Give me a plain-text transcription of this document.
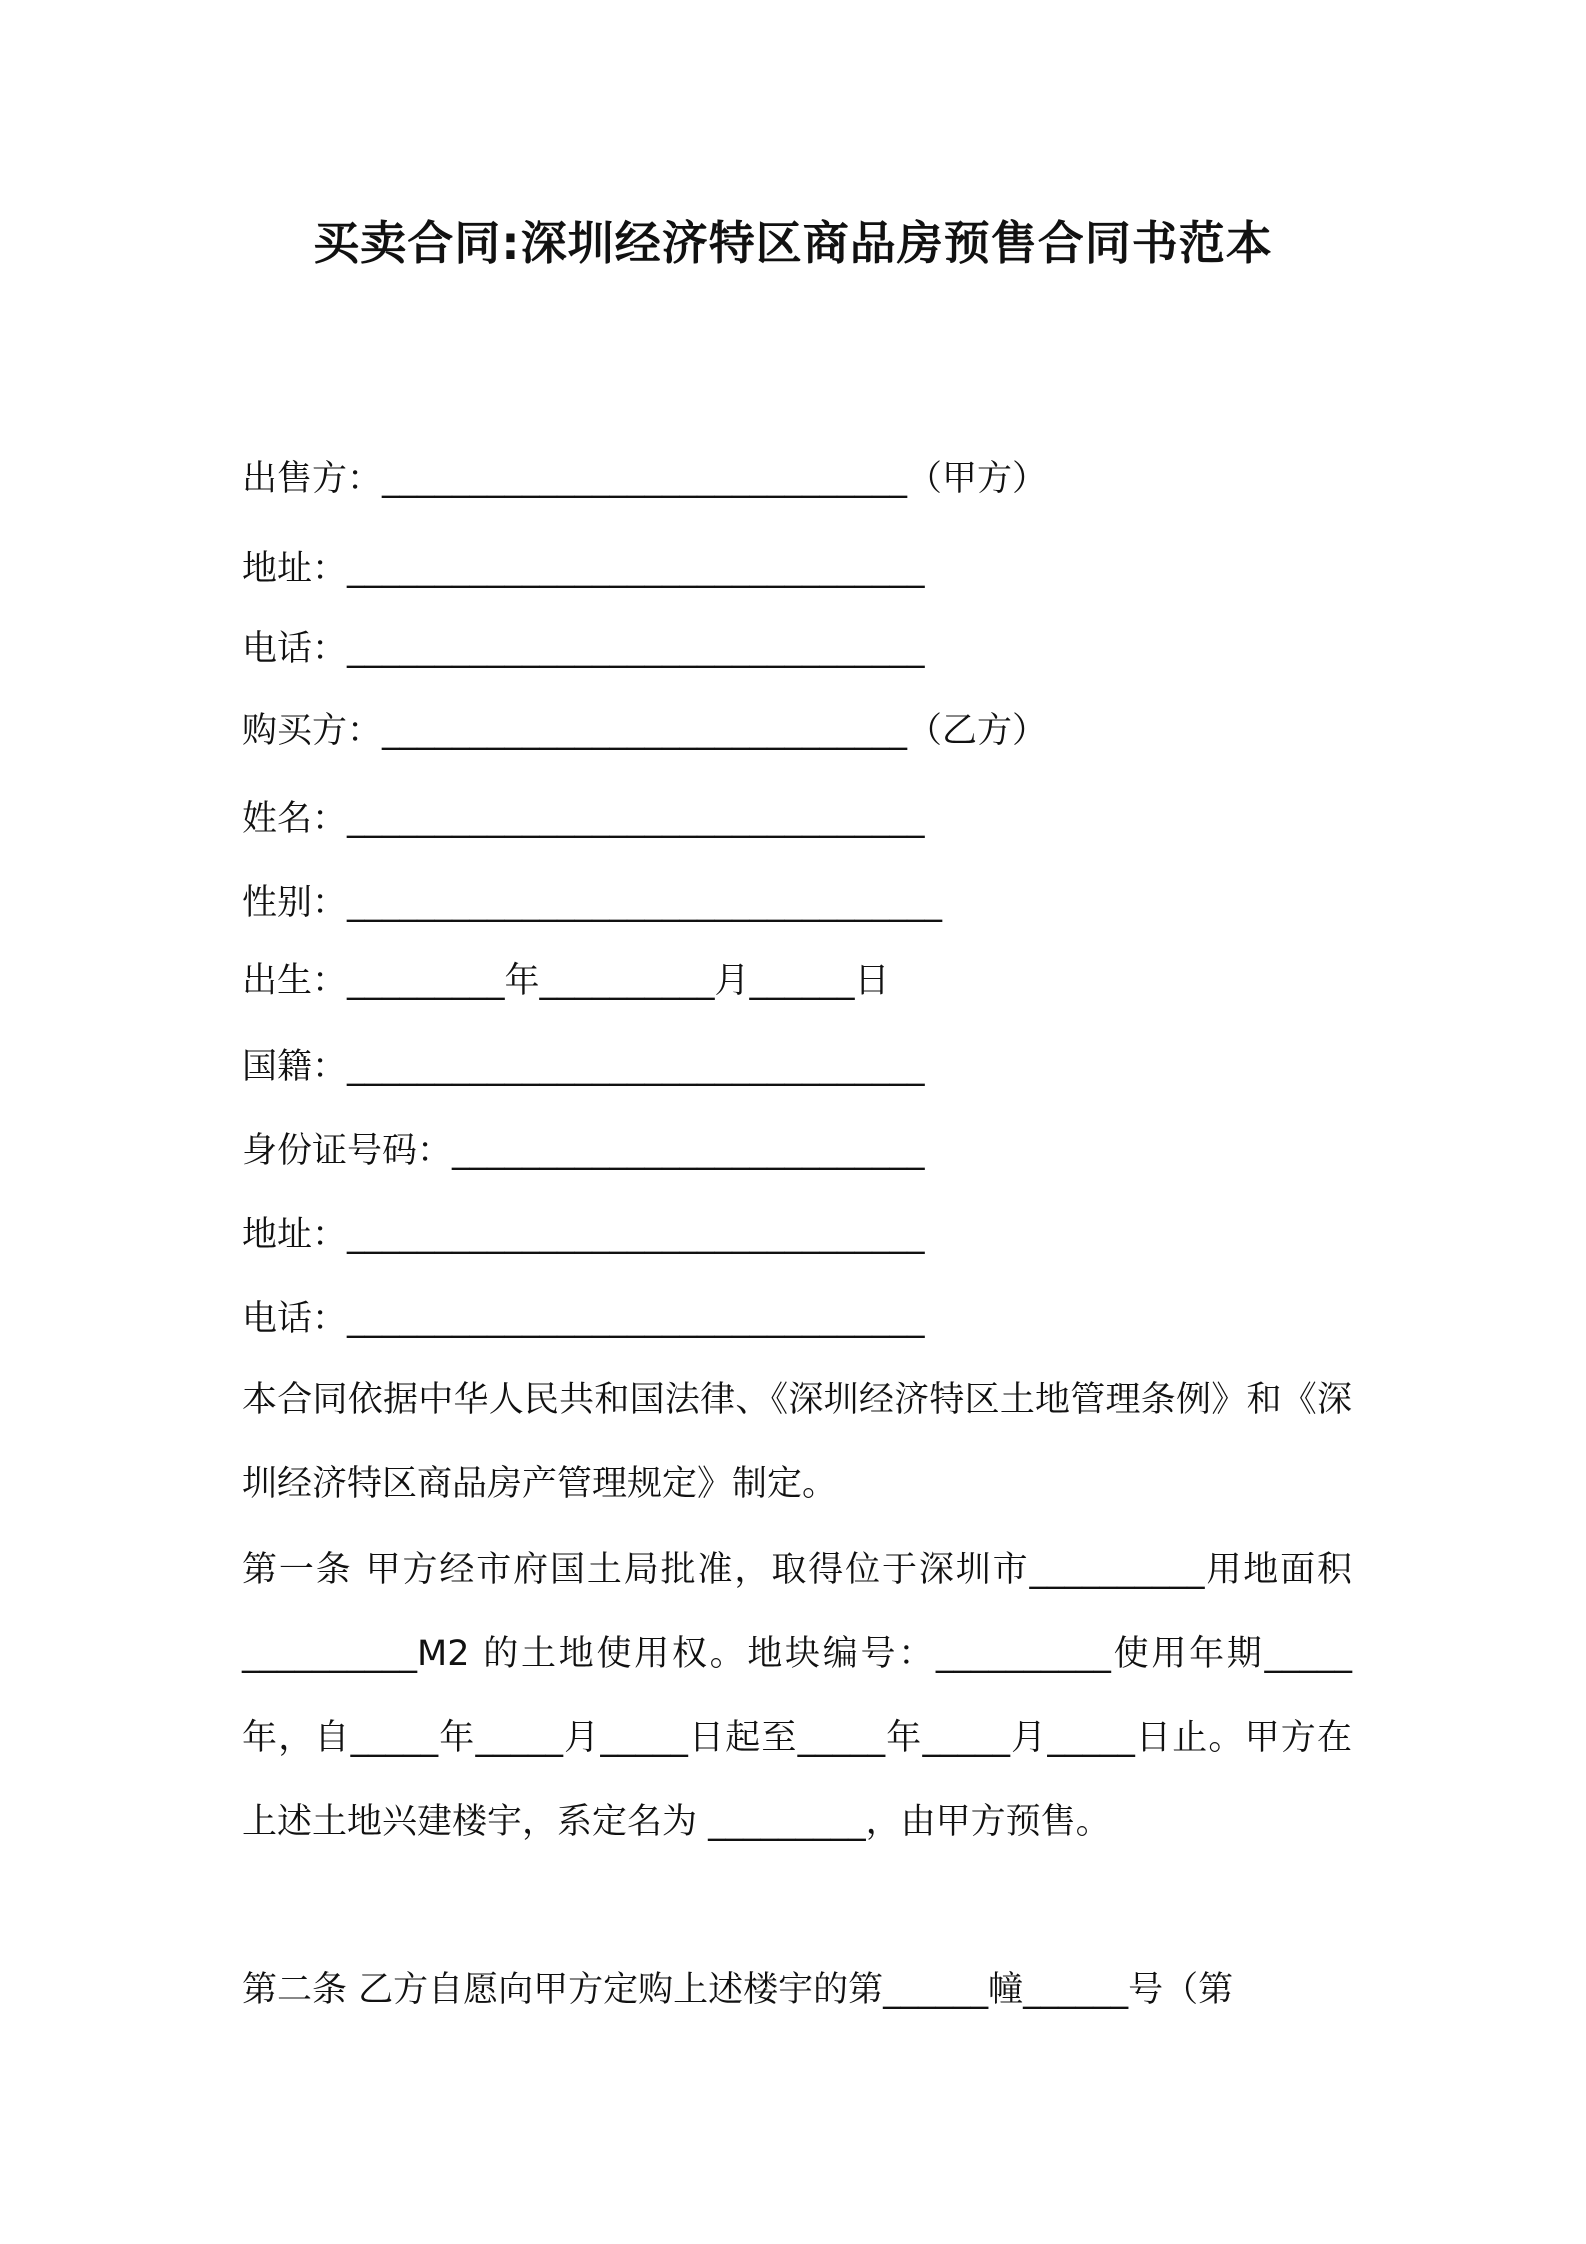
买卖合同:深圳经济特区商品房预售合同书范本
出售方：______________________________（甲方）
地址：_________________________________
电话：_________________________________
购买方：______________________________（乙方）
姓名：_________________________________
性别：__________________________________
出生：_________年__________月______日
国籍：_________________________________
身份证号码：___________________________
地址：_________________________________
电话：_________________________________
本合同依据中华人民共和国法律、《深圳经济特区土地管理条例》和《深圳经济特区商品房产管理规定》制定。
第一条 甲方经市府国土局批准，取得位于深圳市__________用地面积__________M2 的土地使用权。地块编号：__________使用年期_____年，自_____年_____月_____日起至_____年_____月_____日止。甲方在上述土地兴建楼宇，系定名为 _________，由甲方预售。
第二条 乙方自愿向甲方定购上述楼宇的第______幢______号（第
